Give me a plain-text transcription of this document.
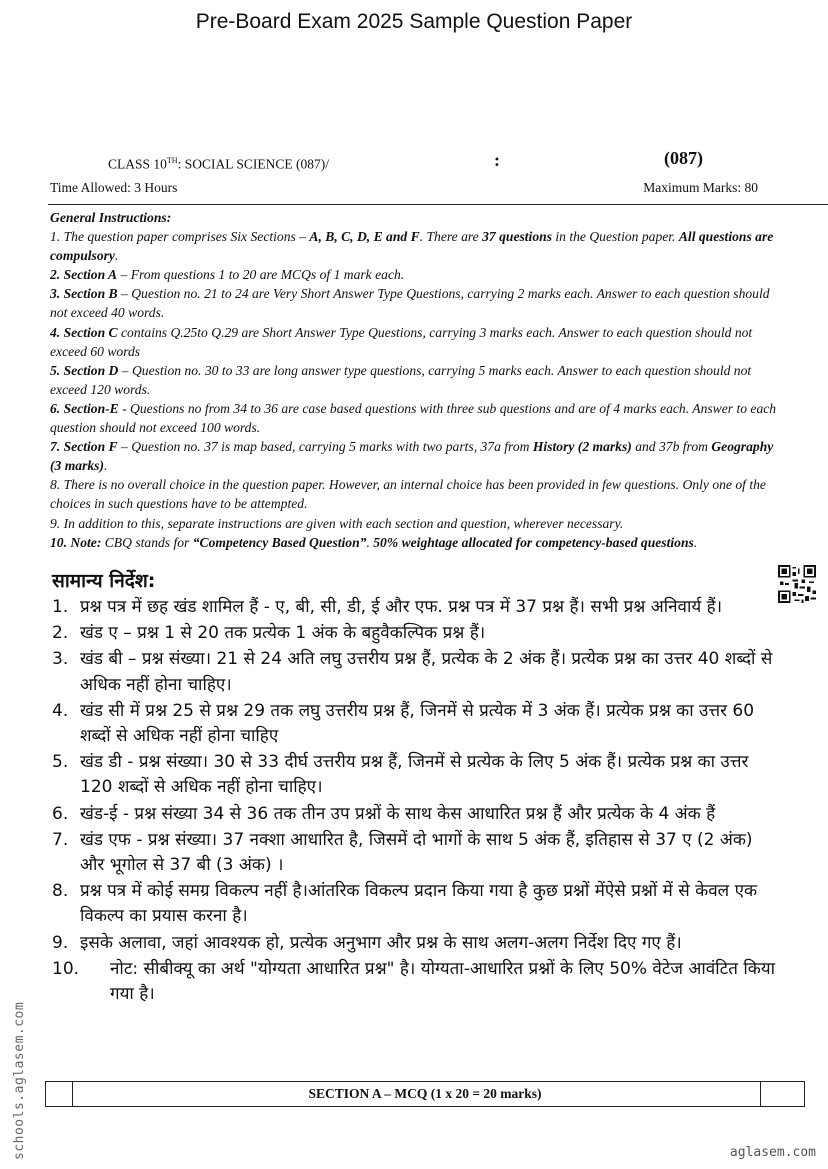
Pre-Board Exam 2025 Sample Question Paper
CLASS 10TH: SOCIAL SCIENCE (087)/	:	(087)
Time Allowed: 3 Hours	Maximum Marks: 80

General Instructions:

1. The question paper comprises Six Sections – A, B, C, D, E and F. There are 37 questions in the Question paper. All questions are compulsory.

2. Section A – From questions 1 to 20 are MCQs of 1 mark each.

3. Section B – Question no. 21 to 24 are Very Short Answer Type Questions, carrying 2 marks each. Answer to each question should not exceed 40 words.

4. Section C contains Q.25to Q.29 are Short Answer Type Questions, carrying 3 marks each. Answer to each question should not exceed 60 words

5. Section D – Question no. 30 to 33 are long answer type questions, carrying 5 marks each. Answer to each question should not exceed 120 words.

6. Section-E - Questions no from 34 to 36 are case based questions with three sub questions and are of 4 marks each. Answer to each question should not exceed 100 words.

7. Section F – Question no. 37 is map based, carrying 5 marks with two parts, 37a from History (2 marks) and 37b from Geography (3 marks).

8. There is no overall choice in the question paper. However, an internal choice has been provided in few questions. Only one of the choices in such questions have to be attempted.

9. In addition to this, separate instructions are given with each section and question, wherever necessary.

10. Note: CBQ stands for “Competency Based Question”. 50% weightage allocated for competency-based questions.

सामान्य निर्देश:
1. प्रश्न पत्र में छह खंड शामिल हैं - ए, बी, सी, डी, ई और एफ. प्रश्न पत्र में 37 प्रश्न हैं। सभी प्रश्न अनिवार्य हैं।
2. खंड ए – प्रश्न 1 से 20 तक प्रत्येक 1 अंक के बहुवैकल्पिक प्रश्न हैं।
3. खंड बी – प्रश्न संख्या। 21 से 24 अति लघु उत्तरीय प्रश्न हैं, प्रत्येक के 2 अंक हैं। प्रत्येक प्रश्न का उत्तर 40 शब्दों से अधिक नहीं होना चाहिए।
4. खंड सी में प्रश्न 25 से प्रश्न 29 तक लघु उत्तरीय प्रश्न हैं, जिनमें से प्रत्येक में 3 अंक हैं। प्रत्येक प्रश्न का उत्तर 60 शब्दों से अधिक नहीं होना चाहिए
5. खंड डी - प्रश्न संख्या। 30 से 33 दीर्घ उत्तरीय प्रश्न हैं, जिनमें से प्रत्येक के लिए 5 अंक हैं। प्रत्येक प्रश्न का उत्तर 120 शब्दों से अधिक नहीं होना चाहिए।
6. खंड-ई - प्रश्न संख्या 34 से 36 तक तीन उप प्रश्नों के साथ केस आधारित प्रश्न हैं और प्रत्येक के 4 अंक हैं
7. खंड एफ - प्रश्न संख्या। 37 नक्शा आधारित है, जिसमें दो भागों के साथ 5 अंक हैं, इतिहास से 37 ए (2 अंक) और भूगोल से 37 बी (3 अंक) ।
8. प्रश्न पत्र में कोई समग्र विकल्प नहीं है।आंतरिक विकल्प प्रदान किया गया है कुछ प्रश्नों मेंऐसे प्रश्नों में से केवल एक विकल्प का प्रयास करना है।
9. इसके अलावा, जहां आवश्यक हो, प्रत्येक अनुभाग और प्रश्न के साथ अलग-अलग निर्देश दिए गए हैं।
10.	नोट: सीबीक्यू का अर्थ "योग्यता आधारित प्रश्न" है। योग्यता-आधारित प्रश्नों के लिए 50% वेटेज आवंटित किया गया है।
SECTION A – MCQ (1 x 20 = 20 marks)
schools.aglasem.com	aglasem.com
